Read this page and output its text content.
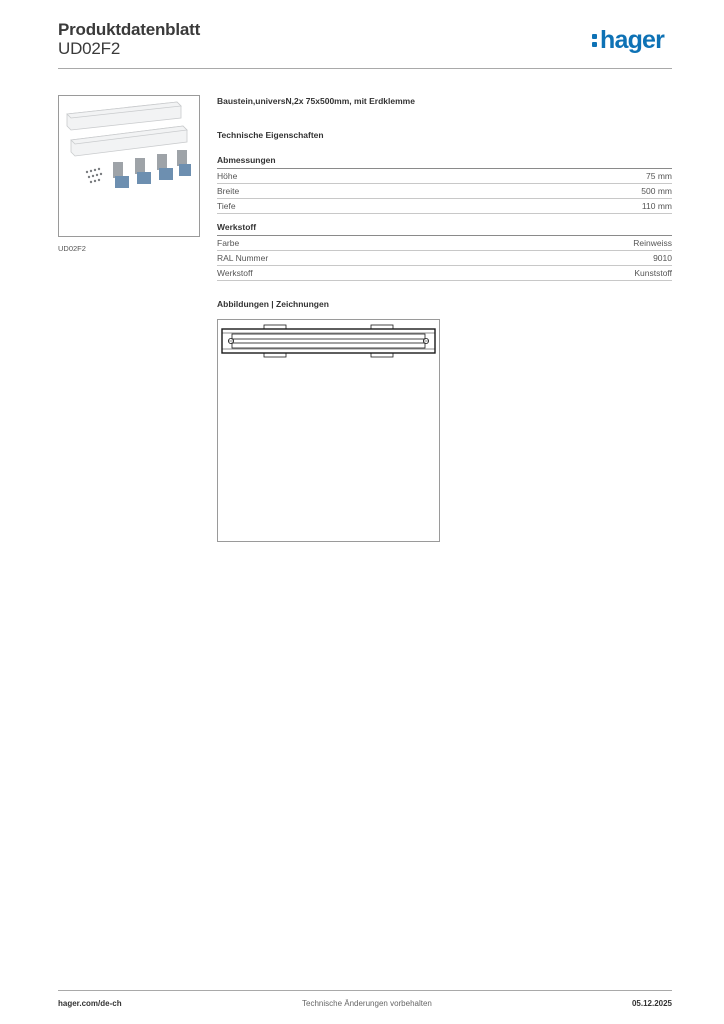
Produktdatenblatt
UD02F2	hager
UD02F2
Baustein,universN,2x 75x500mm, mit Erdklemme
Technische Eigenschaften
Abmessungen
Höhe	75 mm
Breite	500 mm
Tiefe	110 mm
Werkstoff
Farbe	Reinweiss
RAL Nummer	9010
Werkstoff	Kunststoff
Abbildungen | Zeichnungen
hager.com/de-ch	Technische Änderungen vorbehalten	05.12.2025
